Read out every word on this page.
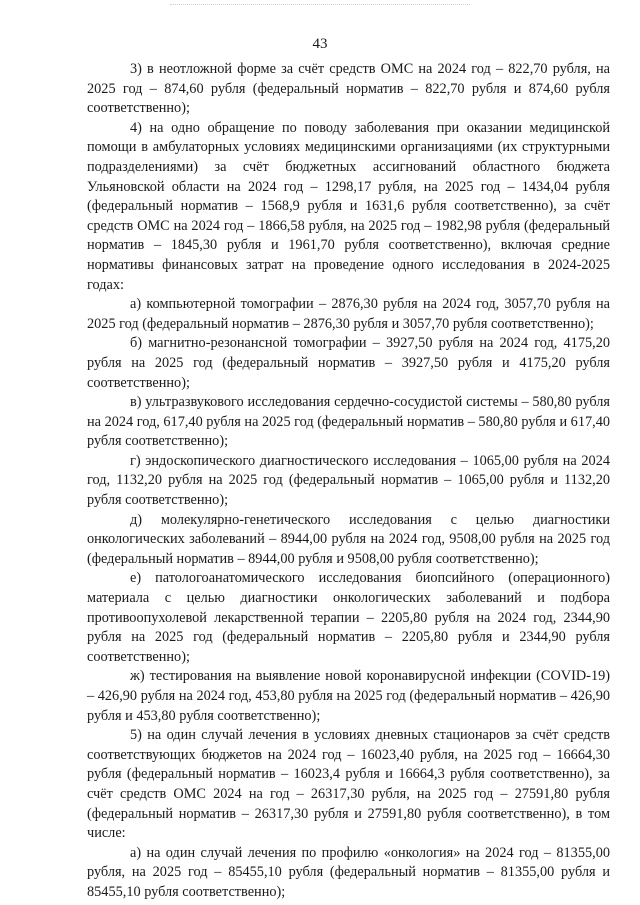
43

3) в неотложной форме за счёт средств ОМС на 2024 год – 822,70 рубля, на 2025 год – 874,60 рубля (федеральный норматив – 822,70 рубля и 874,60 рубля соответственно);

4) на одно обращение по поводу заболевания при оказании медицинской помощи в амбулаторных условиях медицинскими организациями (их структурными подразделениями) за счёт бюджетных ассигнований областного бюджета Ульяновской области на 2024 год – 1298,17 рубля, на 2025 год – 1434,04 рубля (федеральный норматив – 1568,9 рубля и 1631,6 рубля соответственно), за счёт средств ОМС на 2024 год – 1866,58 рубля, на 2025 год – 1982,98 рубля (федеральный норматив – 1845,30 рубля и 1961,70 рубля соответственно), включая средние нормативы финансовых затрат на проведение одного исследования в 2024-2025 годах:

а) компьютерной томографии – 2876,30 рубля на 2024 год, 3057,70 рубля на 2025 год (федеральный норматив – 2876,30 рубля и 3057,70 рубля соответственно);

б) магнитно-резонансной томографии – 3927,50 рубля на 2024 год, 4175,20 рубля на 2025 год (федеральный норматив – 3927,50 рубля и 4175,20 рубля соответственно);

в) ультразвукового исследования сердечно-сосудистой системы – 580,80 рубля на 2024 год, 617,40 рубля на 2025 год (федеральный норматив – 580,80 рубля и 617,40 рубля соответственно);

г) эндоскопического диагностического исследования – 1065,00 рубля на 2024 год, 1132,20 рубля на 2025 год (федеральный норматив – 1065,00 рубля и 1132,20 рубля соответственно);

д) молекулярно-генетического исследования с целью диагностики онкологических заболеваний – 8944,00 рубля на 2024 год, 9508,00 рубля на 2025 год (федеральный норматив – 8944,00 рубля и 9508,00 рубля соответственно);

е) патологоанатомического исследования биопсийного (операционного) материала с целью диагностики онкологических заболеваний и подбора противоопухолевой лекарственной терапии – 2205,80 рубля на 2024 год, 2344,90 рубля на 2025 год (федеральный норматив – 2205,80 рубля и 2344,90 рубля соответственно);

ж) тестирования на выявление новой коронавирусной инфекции (COVID-19) – 426,90 рубля на 2024 год, 453,80 рубля на 2025 год (федеральный норматив – 426,90 рубля и 453,80 рубля соответственно);

5) на один случай лечения в условиях дневных стационаров за счёт средств соответствующих бюджетов на 2024 год – 16023,40 рубля, на 2025 год – 16664,30 рубля (федеральный норматив – 16023,4 рубля и 16664,3 рубля соответственно), за счёт средств ОМС 2024 на год – 26317,30 рубля, на 2025 год – 27591,80 рубля (федеральный норматив – 26317,30 рубля и 27591,80 рубля соответственно), в том числе:

а) на один случай лечения по профилю «онкология» на 2024 год – 81355,00 рубля, на 2025 год – 85455,10 рубля (федеральный норматив – 81355,00 рубля и 85455,10 рубля соответственно);
